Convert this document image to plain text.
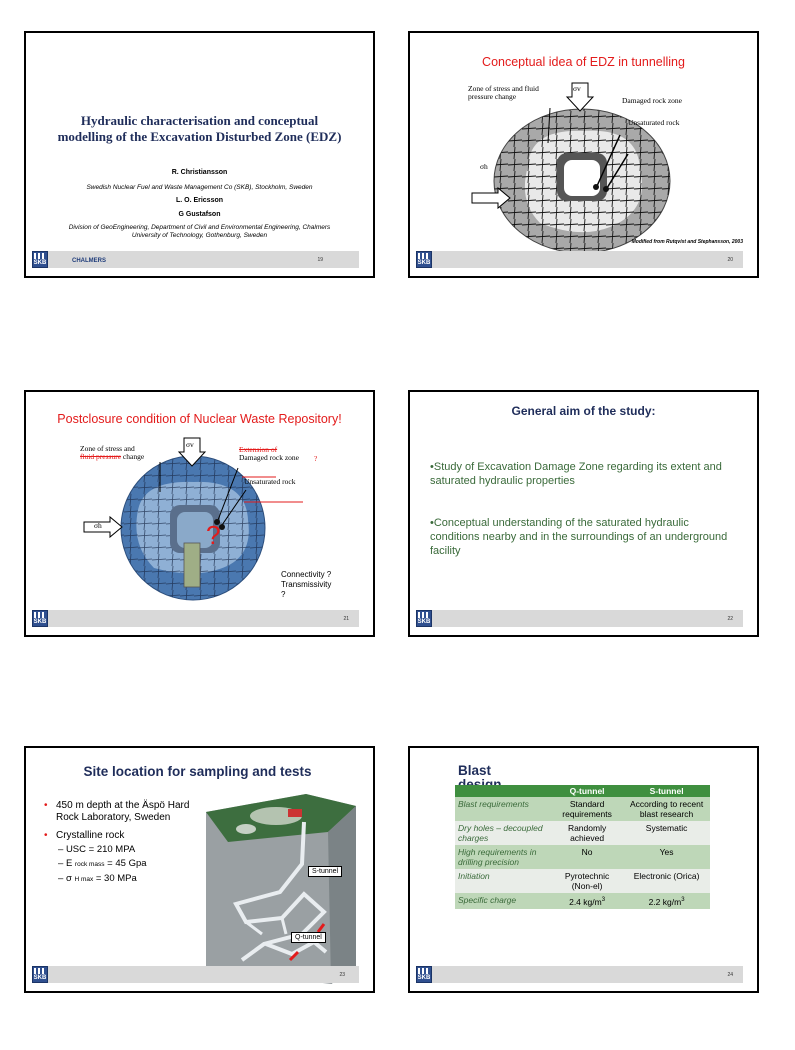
Hydraulic characterisation and conceptual modelling of the Excavation Disturbed Zone (EDZ)
R. Christiansson
Swedish Nuclear Fuel and Waste Management Co (SKB), Stockholm, Sweden
L. O. Ericsson
G Gustafson
Division of GeoEngineering, Department of Civil and Environmental Engineering, Chalmers University of Technology, Gothenburg, Sweden
SKB	CHALMERS	19
Conceptual idea of EDZ in tunnelling
Zone of stress and fluid pressure change
σv
Damaged rock zone
Unsaturated rock
σh
Modified from Rutqvist and Stephansson, 2003
SKB	20
Postclosure condition of Nuclear Waste Repository!
Zone of stress and
fluid pressure change
σv
Extension of
Damaged rock zone ?
Unsaturated rock
σh	?
Connectivity ?
Transmissivity
?
SKB	21
General aim of the study:
•Study of Excavation Damage Zone regarding its extent and saturated hydraulic properties
•Conceptual understanding of the saturated hydraulic conditions nearby and in the surroundings of an underground facility
SKB	22
Site location for sampling and tests
• 450 m depth at the Äspö Hard Rock Laboratory, Sweden
• Crystalline rock
– USC = 210 MPA
– E rock mass = 45 Gpa
– σ H max = 30 MPa
S-tunnel
Q-tunnel
SKB	23
Blast
	Q-tunnel	S-tunnel
Blast requirements	Standard requirements	According to recent blast research
Dry holes – decoupled charges	Randomly achieved	Systematic
High requirements in drilling precision	No	Yes
Initiation	Pyrotechnic (Non-el)	Electronic (Orica)
Specific charge	2.4 $kg/m^3$	2.2 $kg/m^3$
SKB	24
